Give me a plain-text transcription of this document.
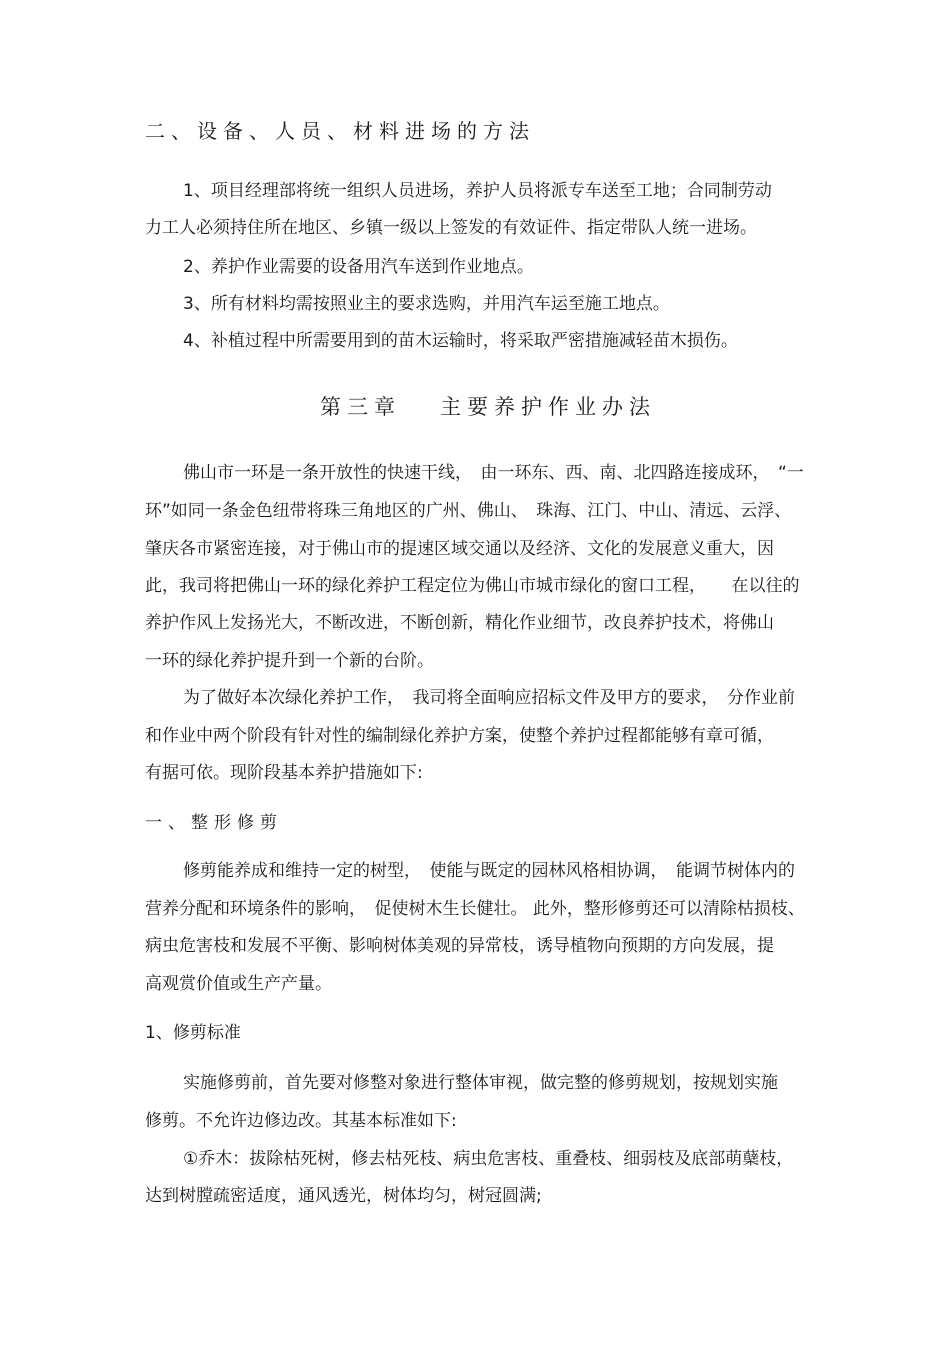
二、设备、人员、材料进场的方法
1、项目经理部将统一组织人员进场，养护人员将派专车送至工地；合同制劳动
力工人必须持住所在地区、乡镇一级以上签发的有效证件、指定带队人统一进场。
2、养护作业需要的设备用汽车送到作业地点。
3、所有材料均需按照业主的要求选购，并用汽车运至施工地点。
4、补植过程中所需要用到的苗木运输时，将采取严密措施减轻苗木损伤。
第三章 主要养护作业办法
佛山市一环是一条开放性的快速干线，　由一环东、西、南、北四路连接成环，　“一
环”如同一条金色纽带将珠三角地区的广州、佛山、　珠海、江门、中山、清远、云浮、
肇庆各市紧密连接，对于佛山市的提速区域交通以及经济、文化的发展意义重大，因
此，我司将把佛山一环的绿化养护工程定位为佛山市城市绿化的窗口工程，　　在以往的
养护作风上发扬光大，不断改进，不断创新，精化作业细节，改良养护技术，将佛山
一环的绿化养护提升到一个新的台阶。
为了做好本次绿化养护工作，　我司将全面响应招标文件及甲方的要求，　分作业前
和作业中两个阶段有针对性的编制绿化养护方案，使整个养护过程都能够有章可循，
有据可依。现阶段基本养护措施如下:
一、整形修剪
修剪能养成和维持一定的树型，　使能与既定的园林风格相协调，　能调节树体内的
营养分配和环境条件的影响，　促使树木生长健壮。 此外，整形修剪还可以清除枯损枝、
病虫危害枝和发展不平衡、影响树体美观的异常枝，诱导植物向预期的方向发展，提
高观赏价值或生产产量。
1、修剪标准
实施修剪前，首先要对修整对象进行整体审视，做完整的修剪规划，按规划实施
修剪。不允许边修边改。其基本标准如下:
①乔木：拔除枯死树，修去枯死枝、病虫危害枝、重叠枝、细弱枝及底部萌蘖枝，
达到树膛疏密适度，通风透光，树体均匀，树冠圆满;
